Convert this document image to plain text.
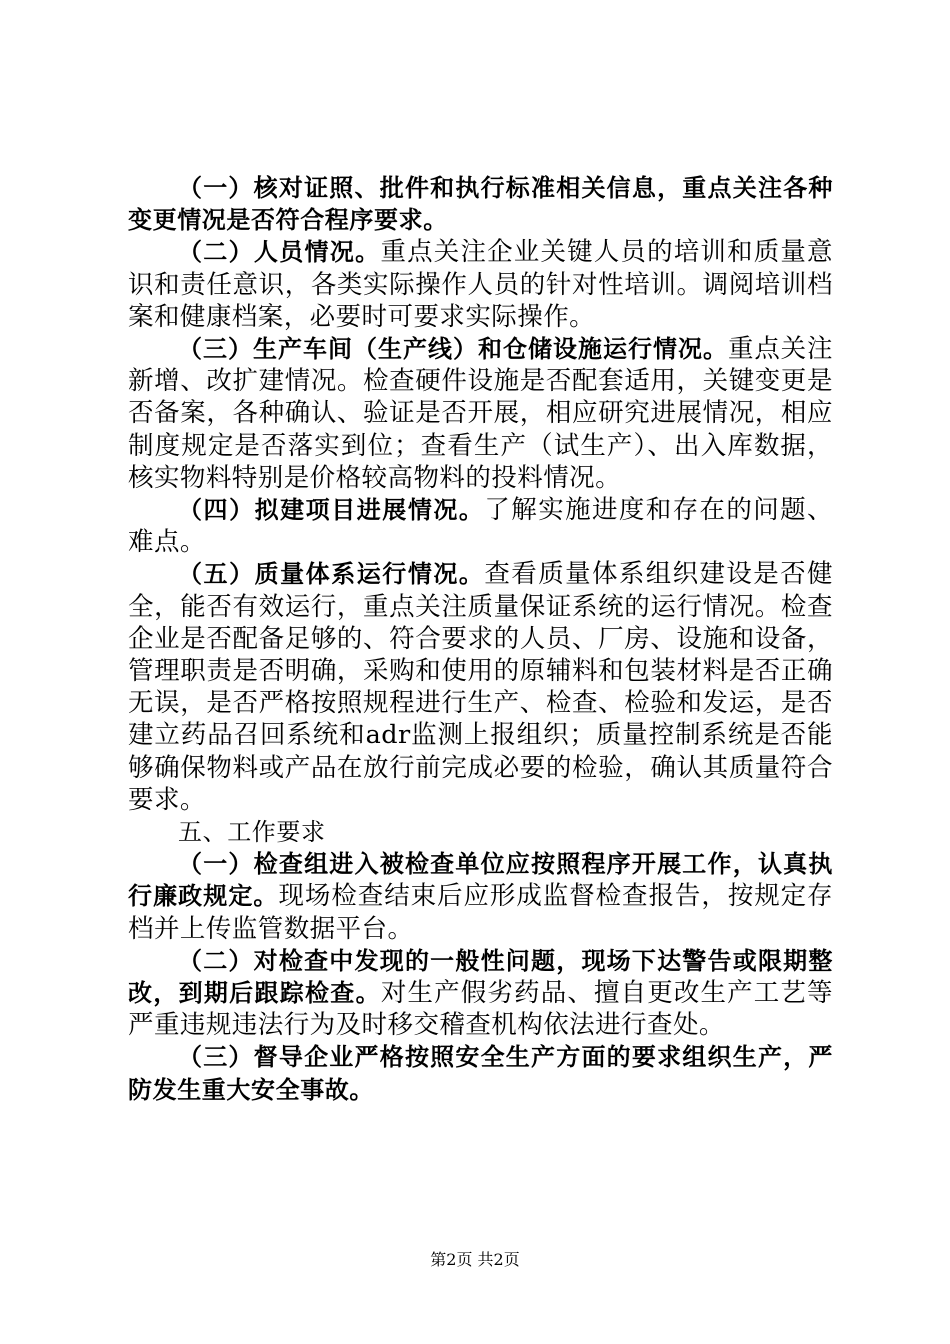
（一）核对证照、批件和执行标准相关信息，重点关注各种变更情况是否符合程序要求。

（二）人员情况。重点关注企业关键人员的培训和质量意识和责任意识，各类实际操作人员的针对性培训。调阅培训档案和健康档案，必要时可要求实际操作。

（三）生产车间（生产线）和仓储设施运行情况。重点关注新增、改扩建情况。检查硬件设施是否配套适用，关键变更是否备案，各种确认、验证是否开展，相应研究进展情况，相应制度规定是否落实到位；查看生产（试生产）、出入库数据，核实物料特别是价格较高物料的投料情况。

（四）拟建项目进展情况。了解实施进度和存在的问题、难点。

（五）质量体系运行情况。查看质量体系组织建设是否健全，能否有效运行，重点关注质量保证系统的运行情况。检查企业是否配备足够的、符合要求的人员、厂房、设施和设备，管理职责是否明确，采购和使用的原辅料和包装材料是否正确无误，是否严格按照规程进行生产、检查、检验和发运，是否建立药品召回系统和adr监测上报组织；质量控制系统是否能够确保物料或产品在放行前完成必要的检验，确认其质量符合要求。

五、工作要求

（一）检查组进入被检查单位应按照程序开展工作，认真执行廉政规定。现场检查结束后应形成监督检查报告，按规定存档并上传监管数据平台。

（二）对检查中发现的一般性问题，现场下达警告或限期整改，到期后跟踪检查。对生产假劣药品、擅自更改生产工艺等严重违规违法行为及时移交稽查机构依法进行查处。

（三）督导企业严格按照安全生产方面的要求组织生产，严防发生重大安全事故。

第2页 共2页
